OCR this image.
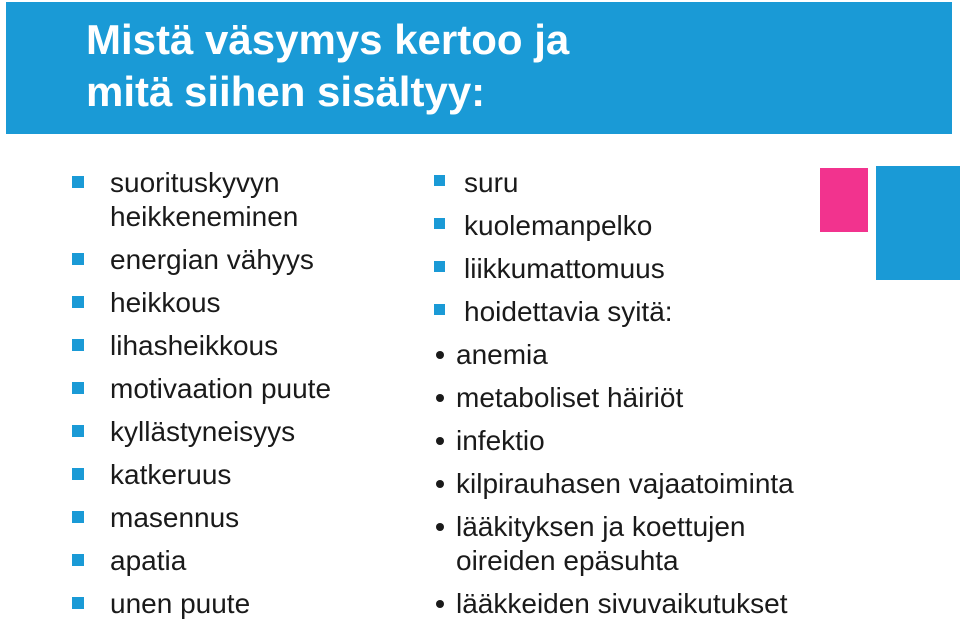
Mistä väsymys kertoo ja
mitä siihen sisältyy:
suorituskyvyn
heikkeneminen
energian vähyys
heikkous
lihasheikkous
motivaation puute
kyllästyneisyys
katkeruus
masennus
apatia
unen puute
suru
kuolemanpelko
liikkumattomuus
hoidettavia syitä:
anemia
metaboliset häiriöt
infektio
kilpirauhasen vajaatoiminta
lääkityksen ja koettujen
oireiden epäsuhta
lääkkeiden sivuvaikutukset
